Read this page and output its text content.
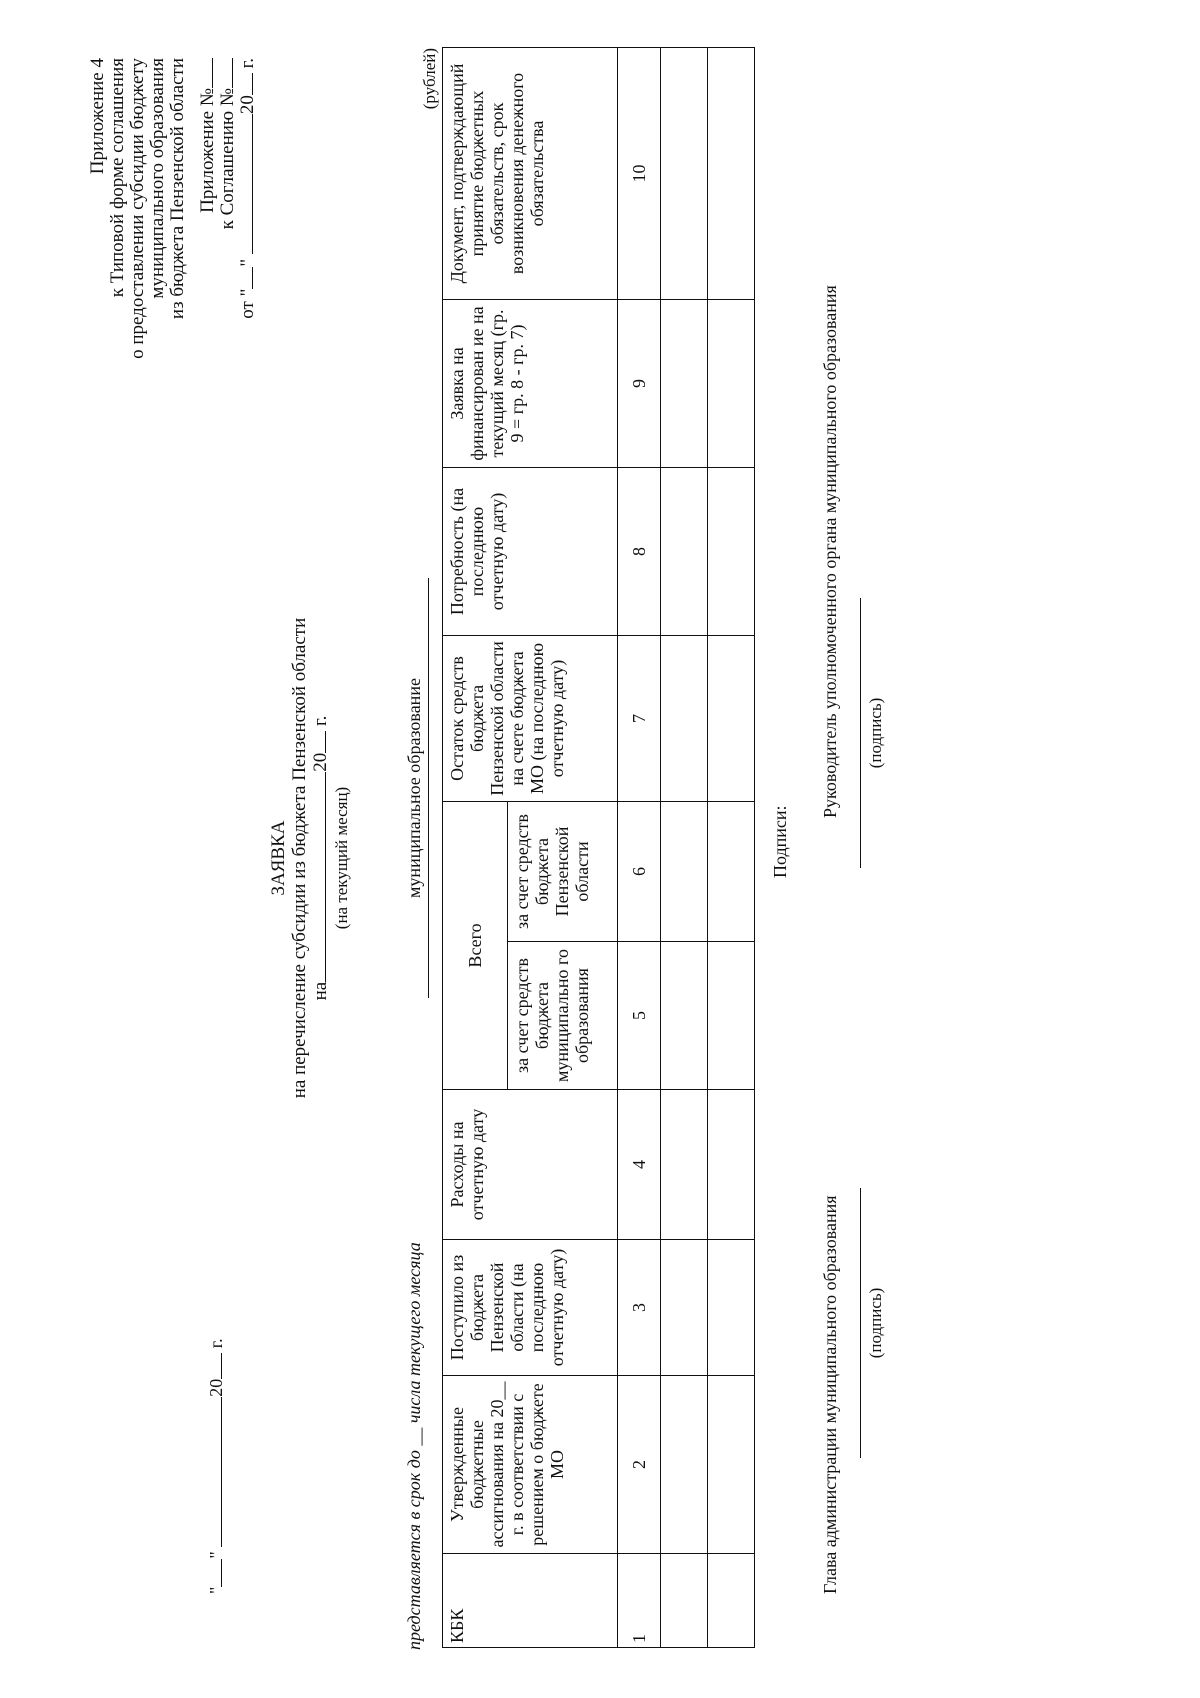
Приложение 4 к Типовой форме соглашения о предоставлении субсидии бюджету муниципального образования из бюджета Пензенской области Приложение № к Соглашению №
от "" 20 г.
ЗАЯВКА на перечисление субсидии из бюджета Пензенской области на20 г.
(на текущий месяц)	муниципальное образование
представляется в срок до __ числа текущего месяца
(рублей)
КБК	Утвержденные бюджетные ассигнования на 20__ г. в соответствии с решением о бюджете МО	Поступило из бюджета Пензенской области (на последнюю отчетную дату)	Расходы на отчетную дату	Всего		Остаток средств бюджета Пензенской области на счете бюджета МО (на последнюю отчетную дату)	Потребность (на последнюю отчетную дату)	Заявка на финансирован ие на текущий месяц (гр. 9 = гр. 8 - гр. 7)	Документ, подтверждающий принятие бюджетных обязательств, срок возникновения денежного обязательства
				за счет средств бюджета муниципально го образования	за счет средств бюджета Пензенской области				
1	2	3	4	5	6	7	8	9	10

Подписи:
Глава администрации муниципального образования (подпись)
Руководитель уполномоченного органа муниципального образования (подпись)
"" 20 г.
